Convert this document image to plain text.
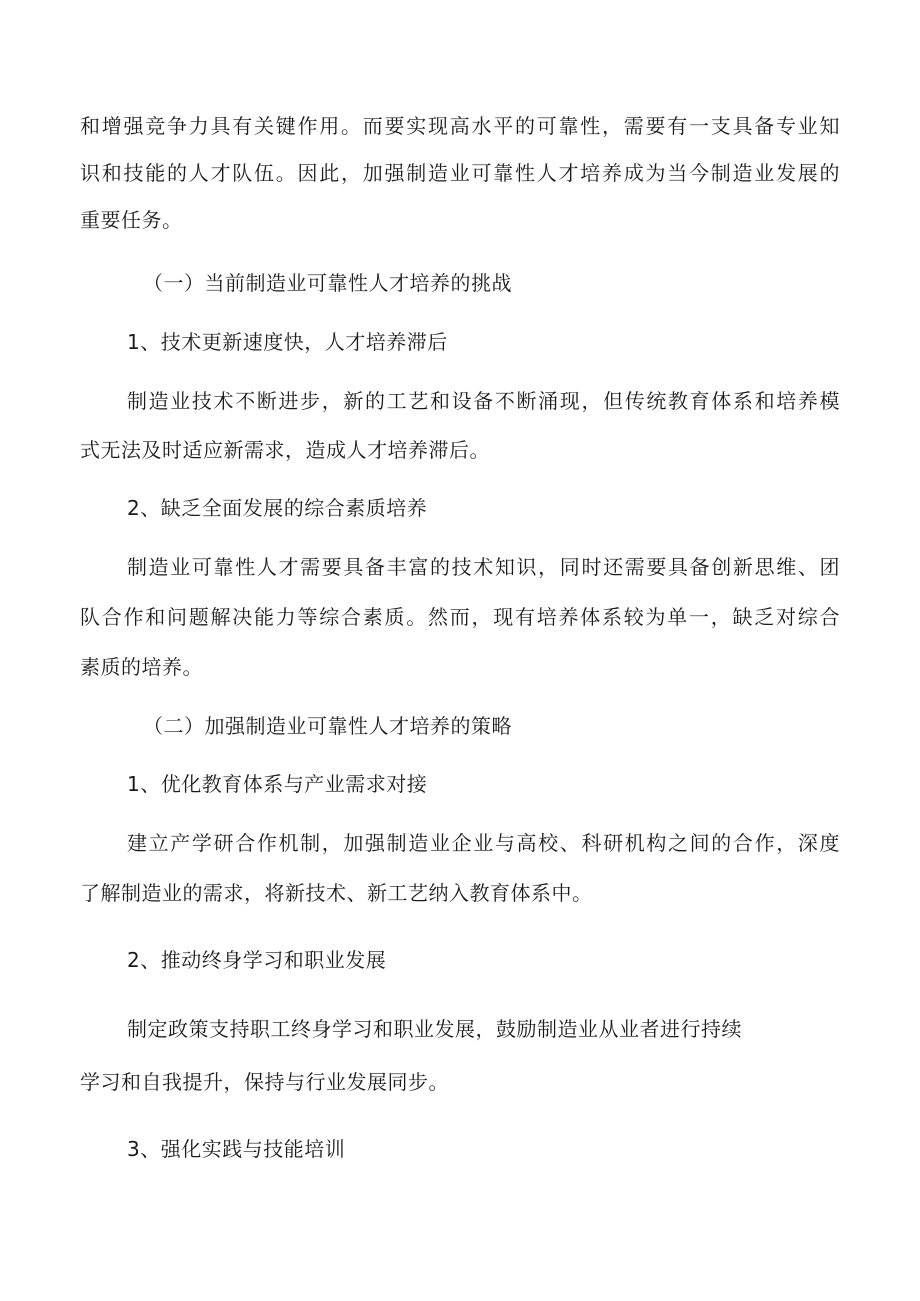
和增强竞争力具有关键作用。而要实现高水平的可靠性，需要有一支具备专业知
识和技能的人才队伍。因此，加强制造业可靠性人才培养成为当今制造业发展的
重要任务。
（一）当前制造业可靠性人才培养的挑战
1、技术更新速度快，人才培养滞后
制造业技术不断进步，新的工艺和设备不断涌现，但传统教育体系和培养模
式无法及时适应新需求，造成人才培养滞后。
2、缺乏全面发展的综合素质培养
制造业可靠性人才需要具备丰富的技术知识，同时还需要具备创新思维、团
队合作和问题解决能力等综合素质。然而，现有培养体系较为单一，缺乏对综合
素质的培养。
（二）加强制造业可靠性人才培养的策略
1、优化教育体系与产业需求对接
建立产学研合作机制，加强制造业企业与高校、科研机构之间的合作，深度
了解制造业的需求，将新技术、新工艺纳入教育体系中。
2、推动终身学习和职业发展
制定政策支持职工终身学习和职业发展，鼓励制造业从业者进行持续
学习和自我提升，保持与行业发展同步。
3、强化实践与技能培训
